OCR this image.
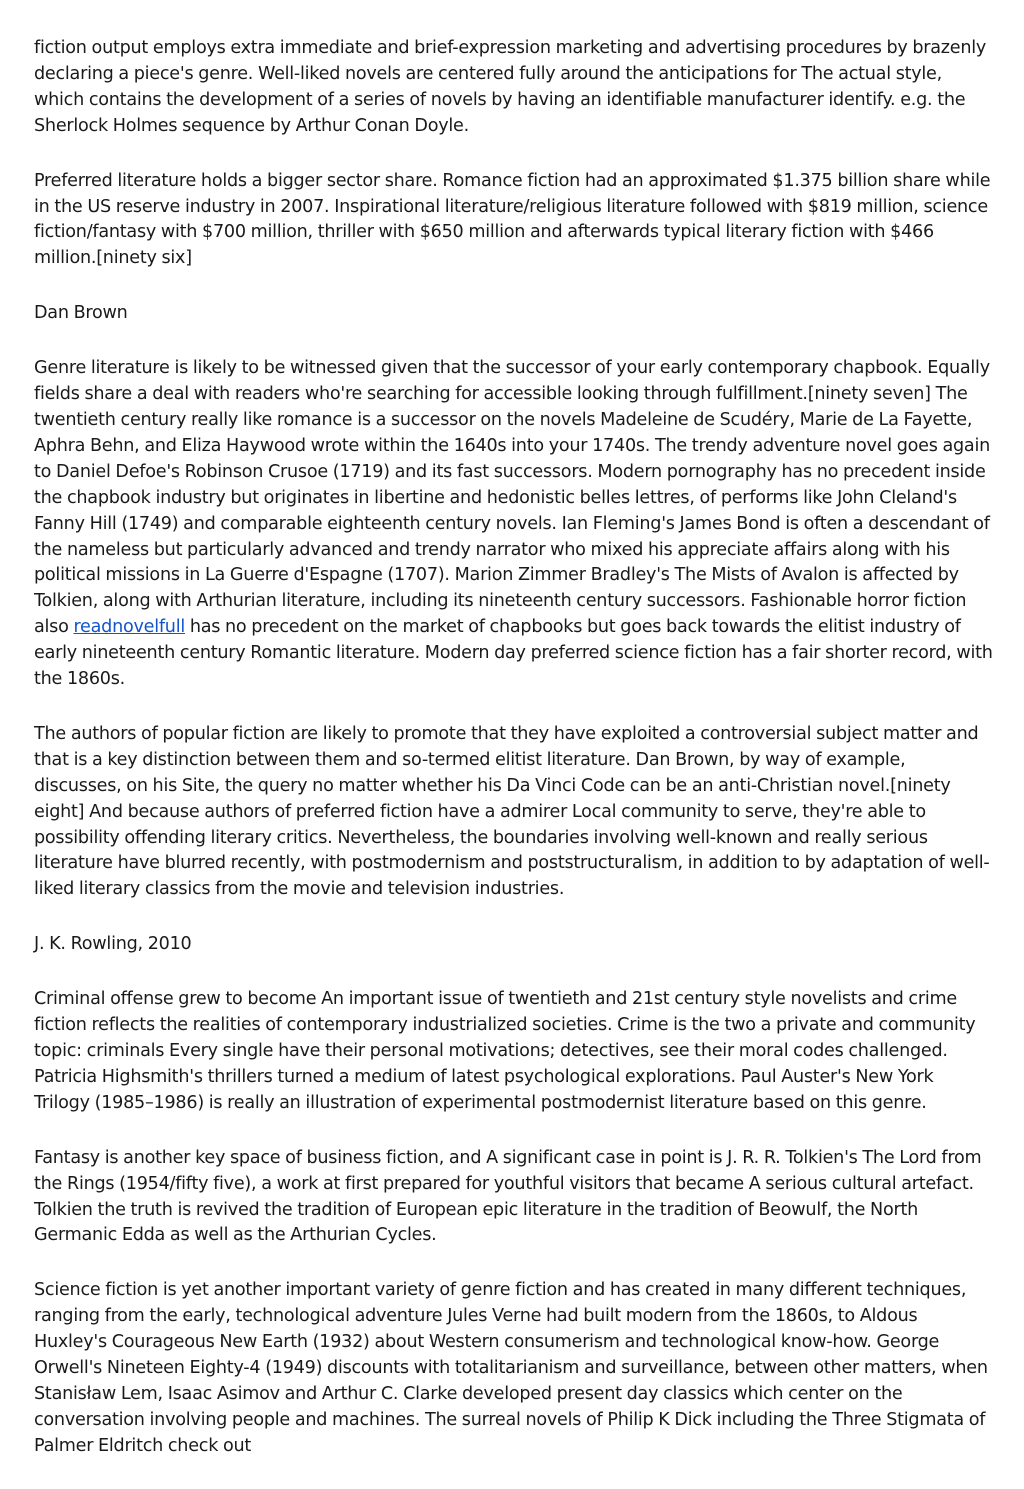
fiction output employs extra immediate and brief-expression marketing and advertising procedures by brazenly declaring a piece's genre. Well-liked novels are centered fully around the anticipations for The actual style, which contains the development of a series of novels by having an identifiable manufacturer identify. e.g. the Sherlock Holmes sequence by Arthur Conan Doyle.

Preferred literature holds a bigger sector share. Romance fiction had an approximated $1.375 billion share while in the US reserve industry in 2007. Inspirational literature/religious literature followed with $819 million, science fiction/fantasy with $700 million, thriller with $650 million and afterwards typical literary fiction with $466 million.[ninety six]

Dan Brown

Genre literature is likely to be witnessed given that the successor of your early contemporary chapbook. Equally fields share a deal with readers who're searching for accessible looking through fulfillment.[ninety seven] The twentieth century really like romance is a successor on the novels Madeleine de Scudéry, Marie de La Fayette, Aphra Behn, and Eliza Haywood wrote within the 1640s into your 1740s. The trendy adventure novel goes again to Daniel Defoe's Robinson Crusoe (1719) and its fast successors. Modern pornography has no precedent inside the chapbook industry but originates in libertine and hedonistic belles lettres, of performs like John Cleland's Fanny Hill (1749) and comparable eighteenth century novels. Ian Fleming's James Bond is often a descendant of the nameless but particularly advanced and trendy narrator who mixed his appreciate affairs along with his political missions in La Guerre d'Espagne (1707). Marion Zimmer Bradley's The Mists of Avalon is affected by Tolkien, along with Arthurian literature, including its nineteenth century successors. Fashionable horror fiction also readnovelfull has no precedent on the market of chapbooks but goes back towards the elitist industry of early nineteenth century Romantic literature. Modern day preferred science fiction has a fair shorter record, with the 1860s.

The authors of popular fiction are likely to promote that they have exploited a controversial subject matter and that is a key distinction between them and so-termed elitist literature. Dan Brown, by way of example, discusses, on his Site, the query no matter whether his Da Vinci Code can be an anti-Christian novel.[ninety eight] And because authors of preferred fiction have a admirer Local community to serve, they're able to possibility offending literary critics. Nevertheless, the boundaries involving well-known and really serious literature have blurred recently, with postmodernism and poststructuralism, in addition to by adaptation of well-liked literary classics from the movie and television industries.

J. K. Rowling, 2010

Criminal offense grew to become An important issue of twentieth and 21st century style novelists and crime fiction reflects the realities of contemporary industrialized societies. Crime is the two a private and community topic: criminals Every single have their personal motivations; detectives, see their moral codes challenged. Patricia Highsmith's thrillers turned a medium of latest psychological explorations. Paul Auster's New York Trilogy (1985–1986) is really an illustration of experimental postmodernist literature based on this genre.

Fantasy is another key space of business fiction, and A significant case in point is J. R. R. Tolkien's The Lord from the Rings (1954/fifty five), a work at first prepared for youthful visitors that became A serious cultural artefact. Tolkien the truth is revived the tradition of European epic literature in the tradition of Beowulf, the North Germanic Edda as well as the Arthurian Cycles.

Science fiction is yet another important variety of genre fiction and has created in many different techniques, ranging from the early, technological adventure Jules Verne had built modern from the 1860s, to Aldous Huxley's Courageous New Earth (1932) about Western consumerism and technological know-how. George Orwell's Nineteen Eighty-4 (1949) discounts with totalitarianism and surveillance, between other matters, when Stanisław Lem, Isaac Asimov and Arthur C. Clarke developed present day classics which center on the conversation involving people and machines. The surreal novels of Philip K Dick including the Three Stigmata of Palmer Eldritch check out
